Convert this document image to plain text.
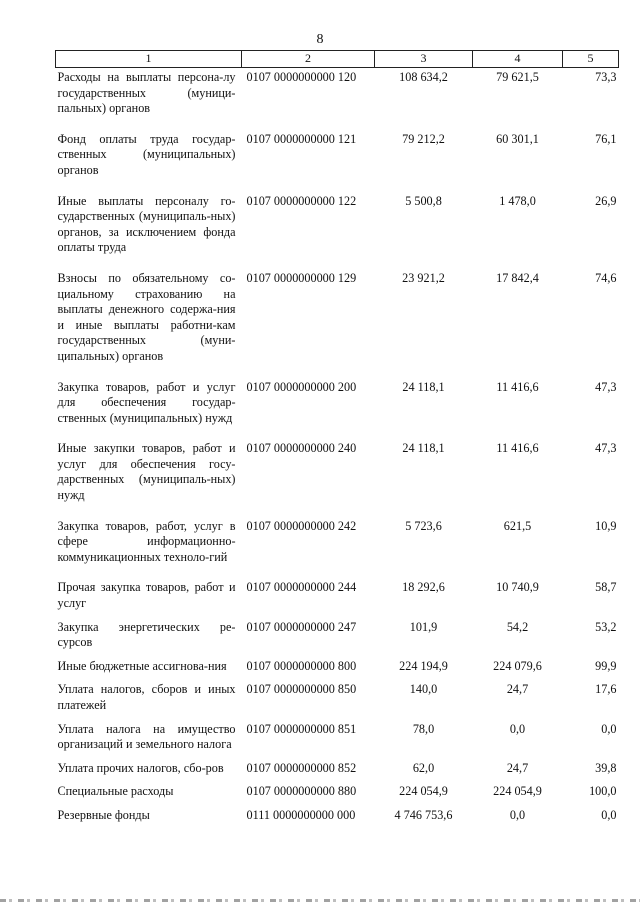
8
1	2	3	4	5
Расходы на выплаты персона-лу государственных (муници-пальных) органов	0107 0000000000 120	108 634,2	79 621,5	73,3
Фонд оплаты труда государ-ственных (муниципальных) органов	0107 0000000000 121	79 212,2	60 301,1	76,1
Иные выплаты персоналу го-сударственных (муниципаль-ных) органов, за исключением фонда оплаты труда	0107 0000000000 122	5 500,8	1 478,0	26,9
Взносы по обязательному со-циальному страхованию на выплаты денежного содержа-ния и иные выплаты работни-кам государственных (муни-ципальных) органов	0107 0000000000 129	23 921,2	17 842,4	74,6
Закупка товаров, работ и услуг для обеспечения государ-ственных (муниципальных) нужд	0107 0000000000 200	24 118,1	11 416,6	47,3
Иные закупки товаров, работ и услуг для обеспечения госу-дарственных (муниципаль-ных) нужд	0107 0000000000 240	24 118,1	11 416,6	47,3
Закупка товаров, работ, услуг в сфере информационно-коммуникационных техноло-гий	0107 0000000000 242	5 723,6	621,5	10,9
Прочая закупка товаров, работ и услуг	0107 0000000000 244	18 292,6	10 740,9	58,7
Закупка энергетических ре-сурсов	0107 0000000000 247	101,9	54,2	53,2
Иные бюджетные ассигнова-ния	0107 0000000000 800	224 194,9	224 079,6	99,9
Уплата налогов, сборов и иных платежей	0107 0000000000 850	140,0	24,7	17,6
Уплата налога на имущество организаций и земельного налога	0107 0000000000 851	78,0	0,0	0,0
Уплата прочих налогов, сбо-ров	0107 0000000000 852	62,0	24,7	39,8
Специальные расходы	0107 0000000000 880	224 054,9	224 054,9	100,0
Резервные фонды	0111 0000000000 000	4 746 753,6	0,0	0,0
